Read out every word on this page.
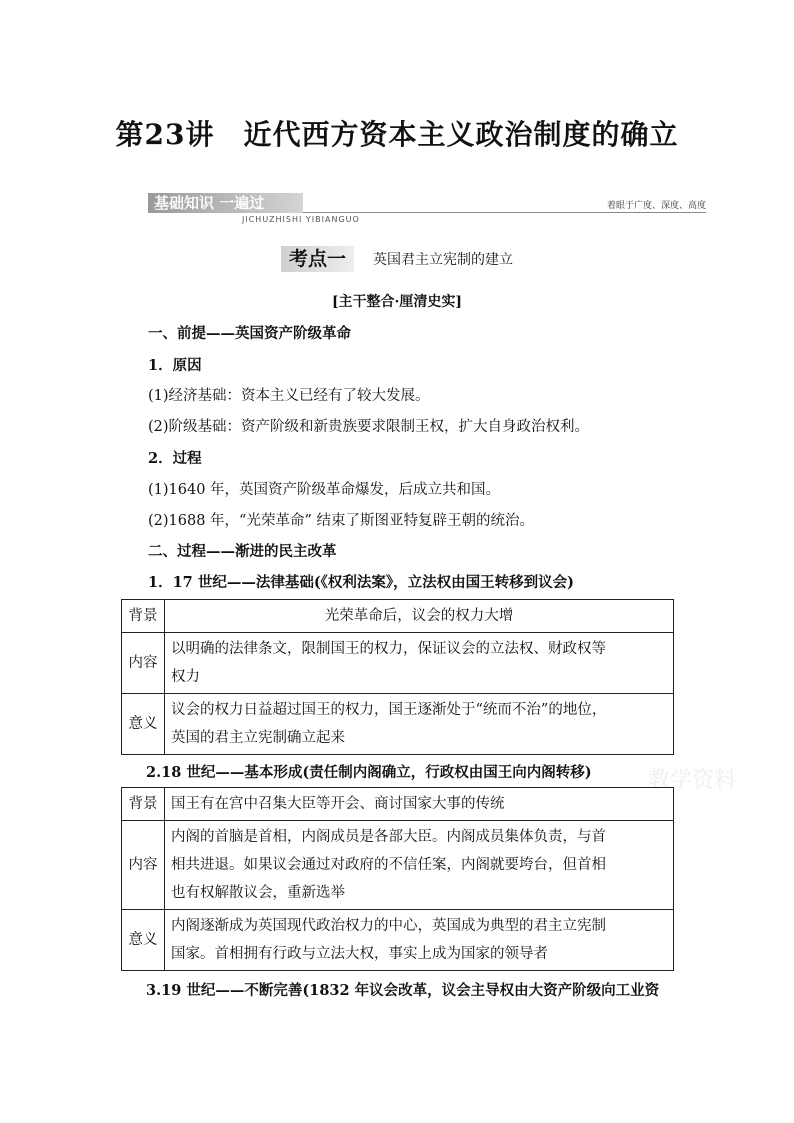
第23讲　近代西方资本主义政治制度的确立
基础知识 一遍过
JICHUZHISHI YIBIANGUO
着眼于广度、深度、高度
考点一 英国君主立宪制的建立
[主干整合·厘清史实]
一、前提——英国资产阶级革命
1．原因
(1)经济基础：资本主义已经有了较大发展。
(2)阶级基础：资产阶级和新贵族要求限制王权，扩大自身政治权利。
2．过程
(1)1640 年，英国资产阶级革命爆发，后成立共和国。
(2)1688 年，“光荣革命” 结束了斯图亚特复辟王朝的统治。
二、过程——渐进的民主改革
1．17 世纪——法律基础(《权利法案》，立法权由国王转移到议会)
背景	光荣革命后，议会的权力大增
内容	以明确的法律条文，限制国王的权力，保证议会的立法权、财政权等
权力

意义	议会的权力日益超过国王的权力，国王逐渐处于“统而不治”的地位，
英国的君主立宪制确立起来
2.18 世纪——基本形成(责任制内阁确立，行政权由国王向内阁转移)	教学资料
背景	国王有在宫中召集大臣等开会、商讨国家大事的传统
内容	内阁的首脑是首相，内阁成员是各部大臣。内阁成员集体负责，与首
相共进退。如果议会通过对政府的不信任案，内阁就要垮台，但首相
也有权解散议会，重新选举

意义	内阁逐渐成为英国现代政治权力的中心，英国成为典型的君主立宪制
国家。首相拥有行政与立法大权，事实上成为国家的领导者
3.19 世纪——不断完善(1832 年议会改革，议会主导权由大资产阶级向工业资
